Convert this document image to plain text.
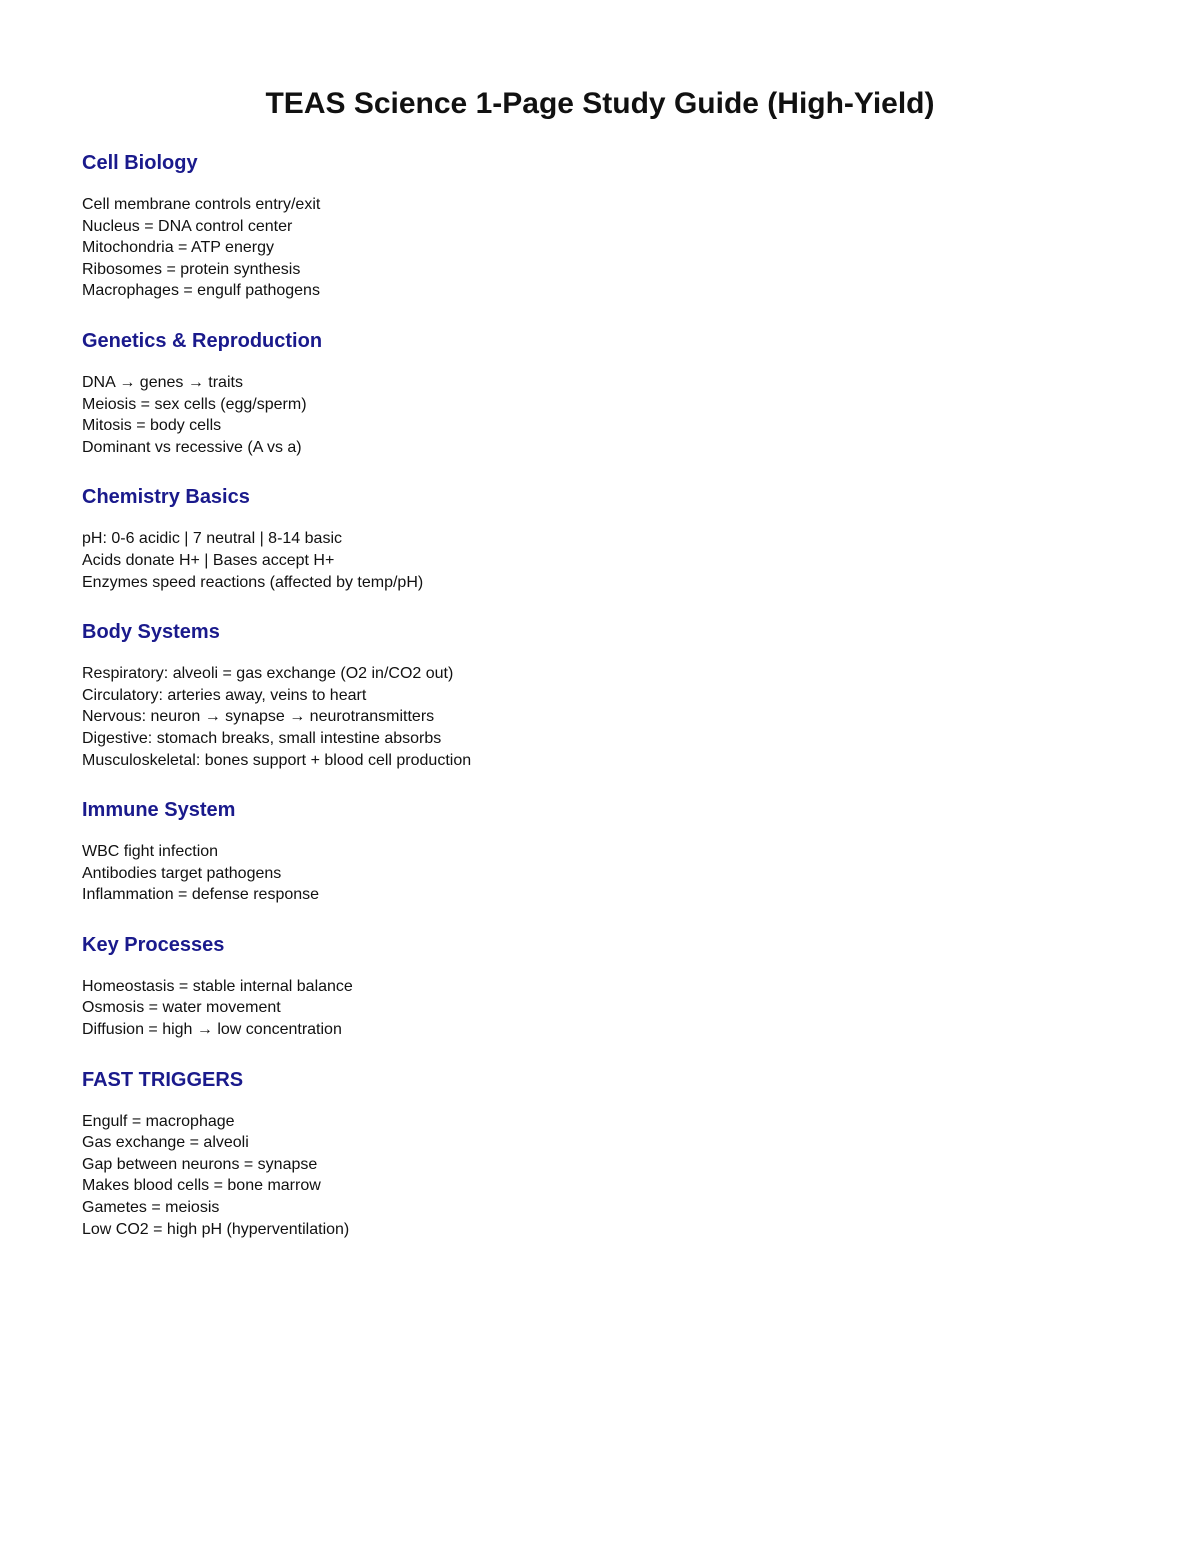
TEAS Science 1-Page Study Guide (High-Yield)
Cell Biology
Cell membrane controls entry/exit
Nucleus = DNA control center
Mitochondria = ATP energy
Ribosomes = protein synthesis
Macrophages = engulf pathogens
Genetics & Reproduction
DNA → genes → traits
Meiosis = sex cells (egg/sperm)
Mitosis = body cells
Dominant vs recessive (A vs a)
Chemistry Basics
pH: 0-6 acidic | 7 neutral | 8-14 basic
Acids donate H+ | Bases accept H+
Enzymes speed reactions (affected by temp/pH)
Body Systems
Respiratory: alveoli = gas exchange (O2 in/CO2 out)
Circulatory: arteries away, veins to heart
Nervous: neuron → synapse → neurotransmitters
Digestive: stomach breaks, small intestine absorbs
Musculoskeletal: bones support + blood cell production
Immune System
WBC fight infection
Antibodies target pathogens
Inflammation = defense response
Key Processes
Homeostasis = stable internal balance
Osmosis = water movement
Diffusion = high → low concentration
FAST TRIGGERS
Engulf = macrophage
Gas exchange = alveoli
Gap between neurons = synapse
Makes blood cells = bone marrow
Gametes = meiosis
Low CO2 = high pH (hyperventilation)
